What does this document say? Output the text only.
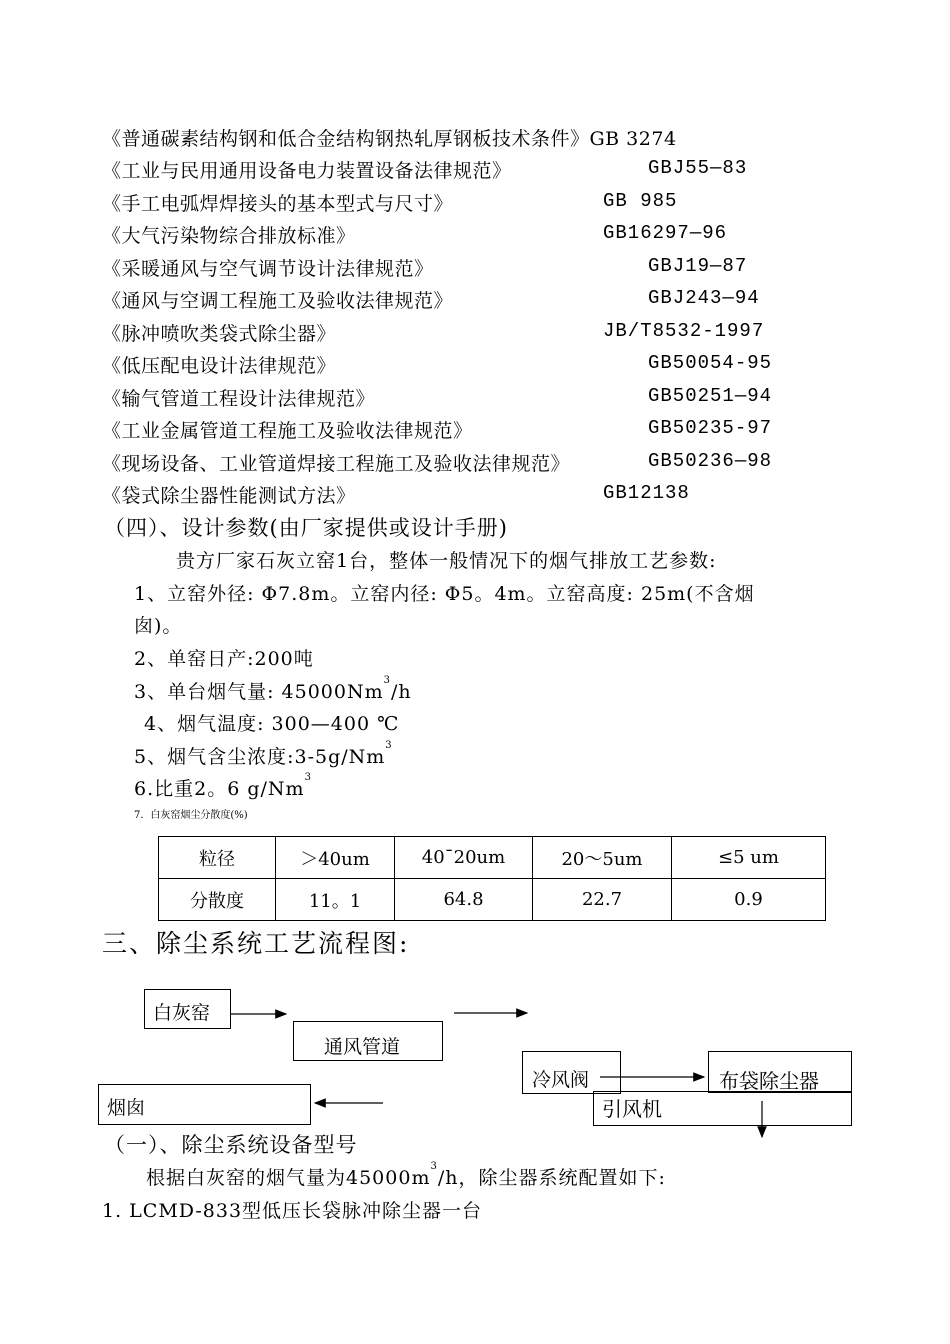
《普通碳素结构钢和低合金结构钢热轧厚钢板技术条件》GB 3274
《工业与民用通用设备电力装置设备法律规范》	GBJ55—83
《手工电弧焊焊接头的基本型式与尺寸》	GB 985
《大气污染物综合排放标准》	GB16297—96
《采暖通风与空气调节设计法律规范》	GBJ19—87
《通风与空调工程施工及验收法律规范》	GBJ243—94
《脉冲喷吹类袋式除尘器》	JB/T8532-1997
《低压配电设计法律规范》	GB50054-95
《输气管道工程设计法律规范》	GB50251—94
《工业金属管道工程施工及验收法律规范》	GB50235-97
《现场设备、工业管道焊接工程施工及验收法律规范》	GB50236—98
《袋式除尘器性能测试方法》	GB12138
（四）、设计参数(由厂家提供或设计手册)
贵方厂家石灰立窑1台，整体一般情况下的烟气排放工艺参数:
1、立窑外径: Φ7.8m。立窑内径: Φ5。4m。立窑高度: 25m(不含烟
囱)。
2、单窑日产:200吨
3、单台烟气量: 45000Nm$^3$/h
4、烟气温度: 300—400 ℃
5、烟气含尘浓度:3-5g/Nm$^3$
6.比重2。6 g/Nm$^3$
7．白灰窑烟尘分散度(%)
粒径	＞40um	40¯20um	20～5um	≤5 um
分散度	11。1	64.8	22.7	0.9
三、除尘系统工艺流程图:
白灰窑
通风管道
冷风阀	布袋除尘器
引风机
烟囱
（一）、除尘系统设备型号
根据白灰窑的烟气量为$45000m^3/h$，除尘器系统配置如下:
1. LCMD-833型低压长袋脉冲除尘器一台
